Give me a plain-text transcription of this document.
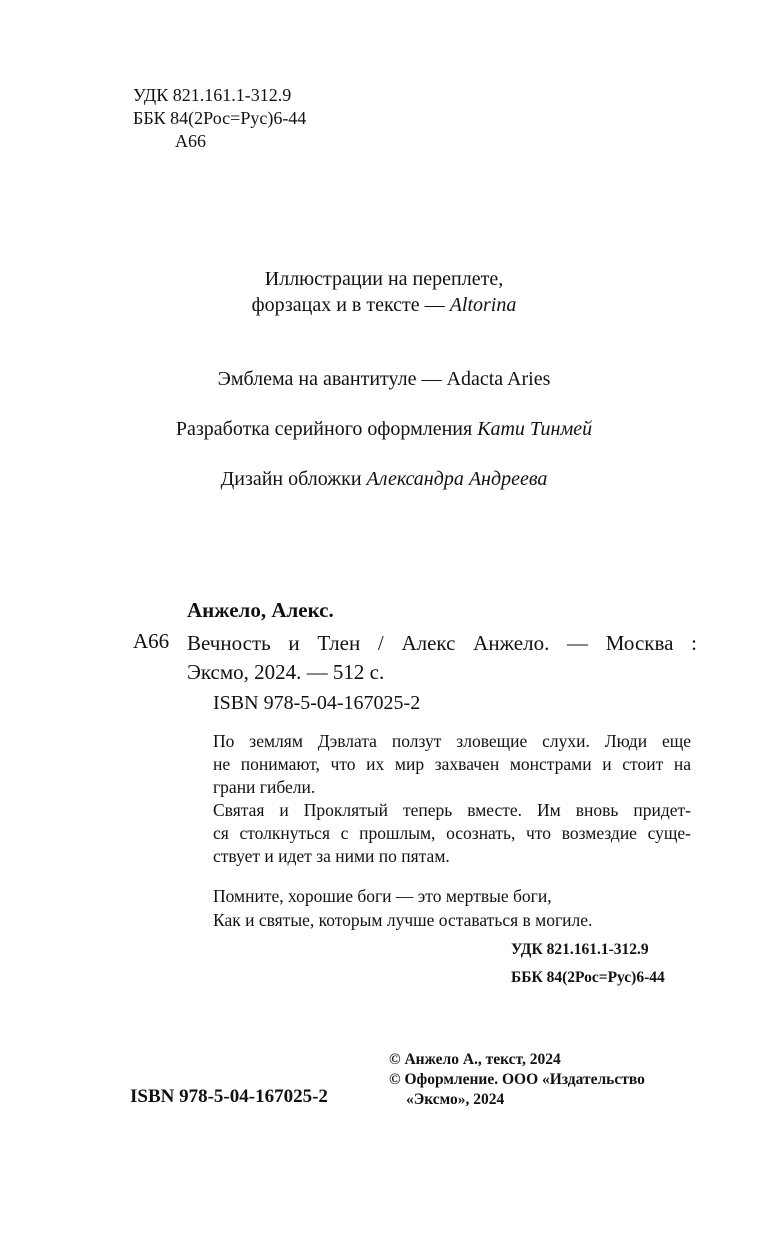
УДК 821.161.1-312.9
ББК 84(2Рос=Рус)6-44
А66
Иллюстрации на переплете,
форзацах и в тексте — Altorina
Эмблема на авантитуле — Adacta Aries
Разработка серийного оформления Кати Тинмей
Дизайн обложки Александра Андреева
Анжело, Алекс.
А66 Вечность и Тлен / Алекс Анжело. — Москва :
Эксмо, 2024. — 512 с.
ISBN 978-5-04-167025-2
По землям Дэвлата ползут зловещие слухи. Люди еще
не понимают, что их мир захвачен монстрами и стоит на
грани гибели.
Святая и Проклятый теперь вместе. Им вновь придет-
ся столкнуться с прошлым, осознать, что возмездие суще-
ствует и идет за ними по пятам.
Помните, хорошие боги — это мертвые боги,
Как и святые, которым лучше оставаться в могиле.
УДК 821.161.1-312.9
ББК 84(2Рос=Рус)6-44
ISBN 978-5-04-167025-2
© Анжело А., текст, 2024
© Оформление. ООО «Издательство
«Эксмо», 2024
